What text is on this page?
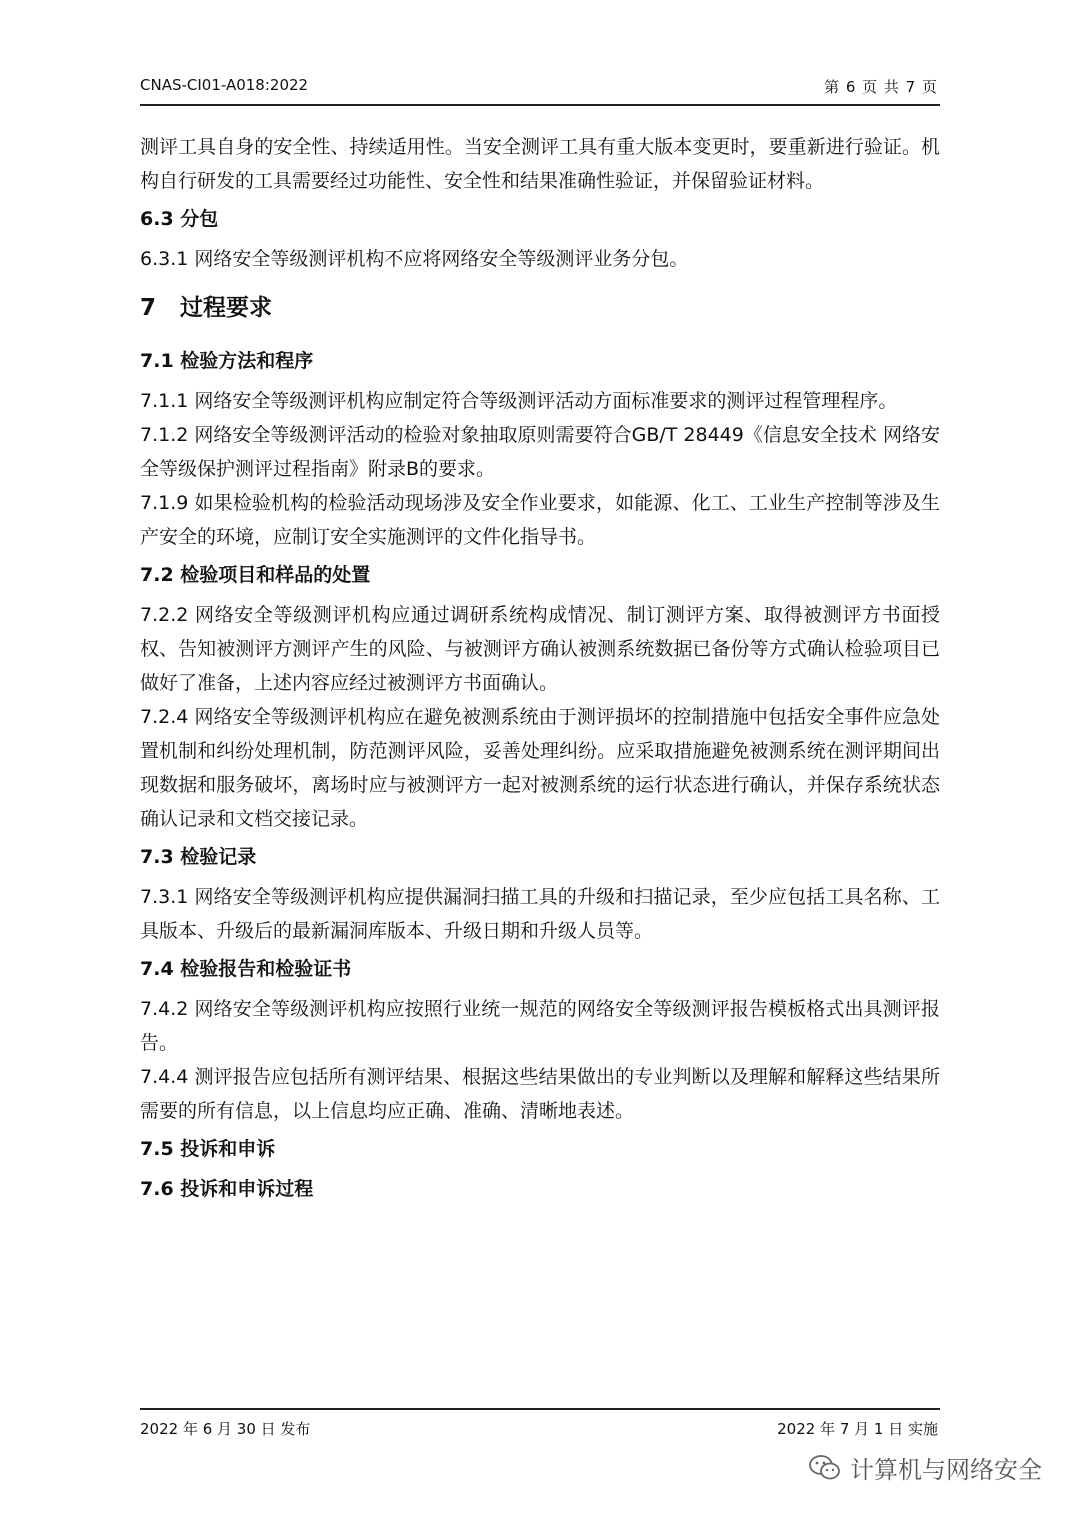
CNAS-CI01-A018:2022	第 6 页 共 7 页

测评工具自身的安全性、持续适用性。当安全测评工具有重大版本变更时，要重新进行验证。机构自行研发的工具需要经过功能性、安全性和结果准确性验证，并保留验证材料。

6.3 分包

6.3.1 网络安全等级测评机构不应将网络安全等级测评业务分包。

7 过程要求
7.1 检验方法和程序

7.1.1 网络安全等级测评机构应制定符合等级测评活动方面标准要求的测评过程管理程序。

7.1.2 网络安全等级测评活动的检验对象抽取原则需要符合GB/T 28449《信息安全技术 网络安全等级保护测评过程指南》附录B的要求。

7.1.9 如果检验机构的检验活动现场涉及安全作业要求，如能源、化工、工业生产控制等涉及生产安全的环境，应制订安全实施测评的文件化指导书。

7.2 检验项目和样品的处置

7.2.2 网络安全等级测评机构应通过调研系统构成情况、制订测评方案、取得被测评方书面授权、告知被测评方测评产生的风险、与被测评方确认被测系统数据已备份等方式确认检验项目已做好了准备，上述内容应经过被测评方书面确认。

7.2.4 网络安全等级测评机构应在避免被测系统由于测评损坏的控制措施中包括安全事件应急处置机制和纠纷处理机制，防范测评风险，妥善处理纠纷。应采取措施避免被测系统在测评期间出现数据和服务破坏，离场时应与被测评方一起对被测系统的运行状态进行确认，并保存系统状态确认记录和文档交接记录。

7.3 检验记录

7.3.1 网络安全等级测评机构应提供漏洞扫描工具的升级和扫描记录，至少应包括工具名称、工具版本、升级后的最新漏洞库版本、升级日期和升级人员等。

7.4 检验报告和检验证书

7.4.2 网络安全等级测评机构应按照行业统一规范的网络安全等级测评报告模板格式出具测评报告。

7.4.4 测评报告应包括所有测评结果、根据这些结果做出的专业判断以及理解和解释这些结果所需要的所有信息，以上信息均应正确、准确、清晰地表述。

7.5 投诉和申诉
7.6 投诉和申诉过程
2022 年 6 月 30 日 发布	2022 年 7 月 1 日 实施
计算机与网络安全
